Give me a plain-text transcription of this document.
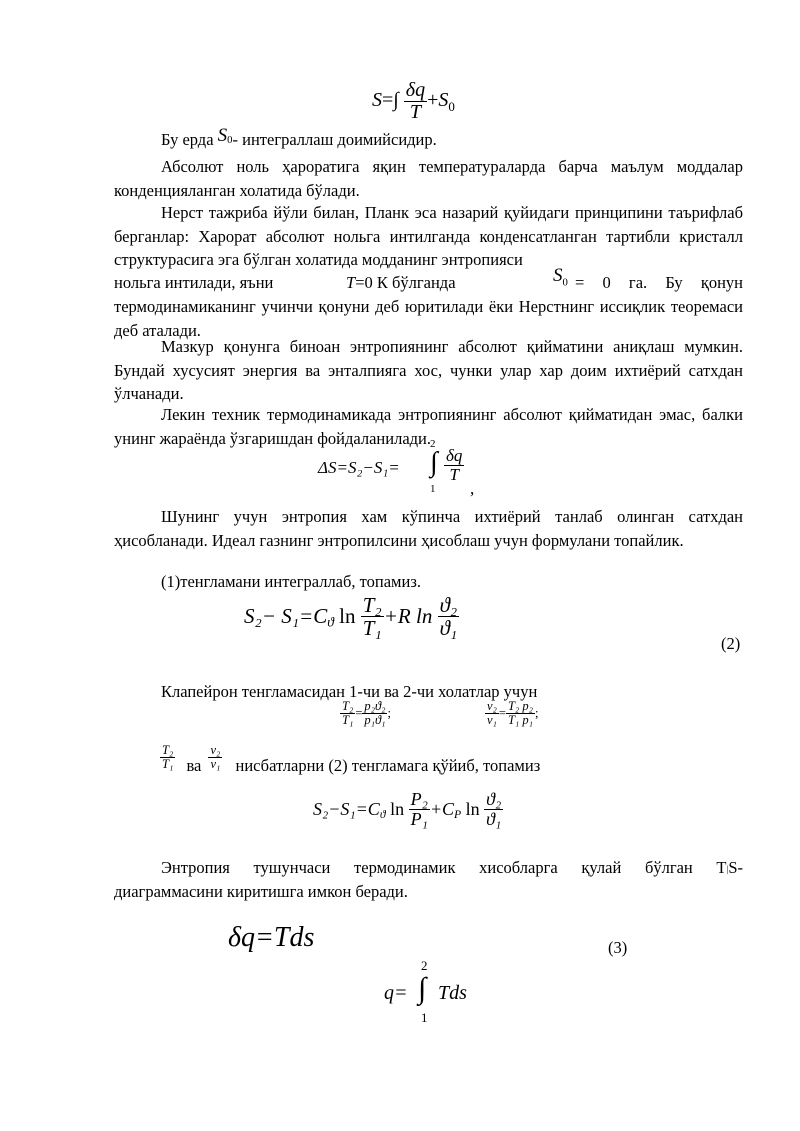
$S=\int \frac{\delta q}{T} +S_0$
Бу ерда $S_0-$ интеграллаш доимийсидир.
Абсолют ноль ҳароратига яқин температураларда барча маълум моддалар конденцияланган холатида бўлади.
Нерст тажриба йўли билан, Планк эса назарий қуйидаги принципини таърифлаб берганлар: Харорат абсолют нольга интилганда конденсатланган тартибли кристалл структурасига эга бўлган холатида модданинг энтропияси
нольга интилади, яъни	T=0 К бўлганда	$S_0 = 0$ га. Бу қонун
термодинамиканинг учинчи қонуни деб юритилади ёки Нерстнинг иссиқлик теоремаси деб аталади.
Мазкур қонунга биноан энтропиянинг абсолют қийматини аниқлаш мумкин. Бундай хусусият энергия ва энталпияга хос, чунки улар хар доим ихтиёрий сатхдан ўлчанади.
Лекин техник термодинамикада энтропиянинг абсолют қийматидан эмас, балки унинг жараёнда ўзгаришдан фойдаланилади.
ΔS=S₂−S₁= ∫
2
1
$\frac{\delta q}{T}$
,
Шунинг учун энтропия хам кўпинча ихтиёрий танлаб олинган сатхдан ҳисобланади. Идеал газнинг энтропилсини ҳисоблаш учун формулани топайлик.
(1)тенгламани интеграллаб, топамиз.
$S_2- S_1=C_ϑ$ $\ln \frac{\text{T₂}}{\text{T₁}} +R$ $\ln \frac{\text{ϑ₂}}{\text{ϑ₁}}$
(2)
Клапейрон тенгламасидан 1-чи ва 2-чи холатлар учун
$\frac{\text{T₂}}{\text{T₁}} = \frac{\text{p₂ϑ₂}}{\text{p₁ϑ₁}}$ ;	$\frac{\text{v₂}}{\text{v₁}} = \frac{\text{T₂ p₂}}{\text{T₁ p₁}}$ ;
$\frac{\text{T₂}}{\text{T₁}}$ ва $\frac{\text{v₂}}{\text{v₁}}$ нисбатларни (2) тенгламага қўйиб, топамиз
$S_2-S_1=C_ϑ$ $\ln \frac{\text{P₂}}{\text{P₁}} +C_P$ $\ln \frac{\text{ϑ₂}}{\text{ϑ₁}}$
Энтропия тушунчаси термодинамик хисобларга қулай бўлган T|S-
диаграммасини киритишга имкон беради.
δq=Tds	(3)
q= ∫
2
1
Tds
